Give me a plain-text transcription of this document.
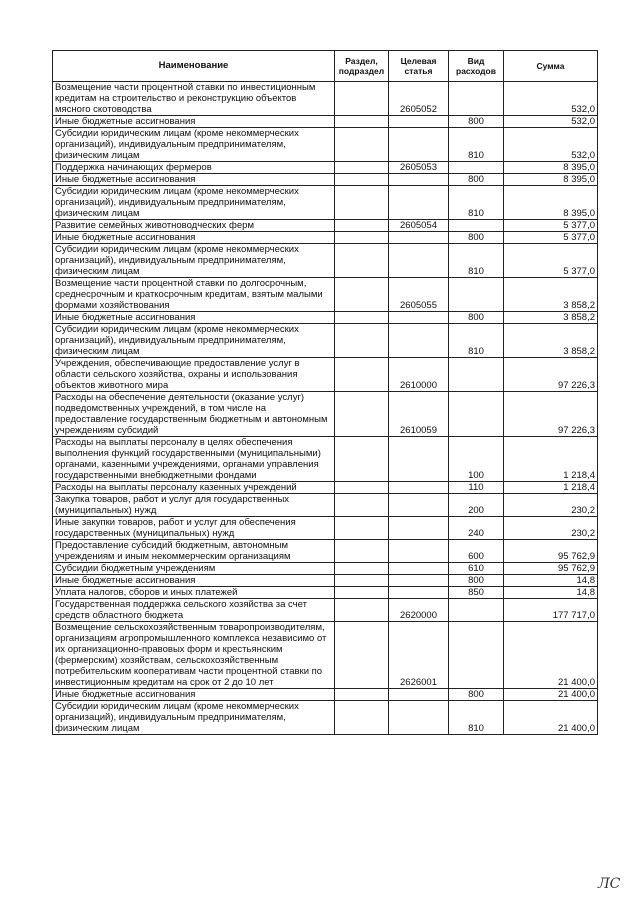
Наименование	Раздел, подраздел	Целевая статья	Вид расходов	Сумма
Возмещение части процентной ставки по инвестиционным кредитам на строительство и реконструкцию объектов мясного скотоводства		2605052		532,0
Иные бюджетные ассигнования			800	532,0
Субсидии юридическим лицам (кроме некоммерческих организаций), индивидуальным предпринимателям, физическим лицам			810	532,0
Поддержка начинающих фермеров		2605053		8 395,0
Иные бюджетные ассигнования			800	8 395,0
Субсидии юридическим лицам (кроме некоммерческих организаций), индивидуальным предпринимателям, физическим лицам			810	8 395,0
Развитие семейных животноводческих ферм		2605054		5 377,0
Иные бюджетные ассигнования			800	5 377,0
Субсидии юридическим лицам (кроме некоммерческих организаций), индивидуальным предпринимателям, физическим лицам			810	5 377,0
Возмещение части процентной ставки по долгосрочным, среднесрочным и краткосрочным кредитам, взятым малыми формами хозяйствования		2605055		3 858,2
Иные бюджетные ассигнования			800	3 858,2
Субсидии юридическим лицам (кроме некоммерческих организаций), индивидуальным предпринимателям, физическим лицам			810	3 858,2
Учреждения, обеспечивающие предоставление услуг в области сельского хозяйства, охраны и использования объектов животного мира		2610000		97 226,3
Расходы на обеспечение деятельности (оказание услуг) подведомственных учреждений, в том числе на предоставление государственным бюджетным и автономным учреждениям субсидий		2610059		97 226,3
Расходы на выплаты персоналу в целях обеспечения выполнения функций государственными (муниципальными) органами, казенными учреждениями, органами управления государственными внебюджетными фондами			100	1 218,4
Расходы на выплаты персоналу казенных учреждений			110	1 218,4
Закупка товаров, работ и услуг для государственных (муниципальных) нужд			200	230,2
Иные закупки товаров, работ и услуг для обеспечения государственных (муниципальных) нужд			240	230,2
Предоставление субсидий бюджетным, автономным учреждениям и иным некоммерческим организациям			600	95 762,9
Субсидии бюджетным учреждениям			610	95 762,9
Иные бюджетные ассигнования			800	14,8
Уплата налогов, сборов и иных платежей			850	14,8
Государственная поддержка сельского хозяйства за счет средств областного бюджета		2620000		177 717,0
Возмещение сельскохозяйственным товаропроизводителям, организациям агропромышленного комплекса независимо от их организационно-правовых форм и крестьянским (фермерским) хозяйствам, сельскохозяйственным потребительским кооперативам части процентной ставки по инвестиционным кредитам на срок от 2 до 10 лет		2626001		21 400,0
Иные бюджетные ассигнования			800	21 400,0
Субсидии юридическим лицам (кроме некоммерческих организаций), индивидуальным предпринимателям, физическим лицам			810	21 400,0
ЛС
